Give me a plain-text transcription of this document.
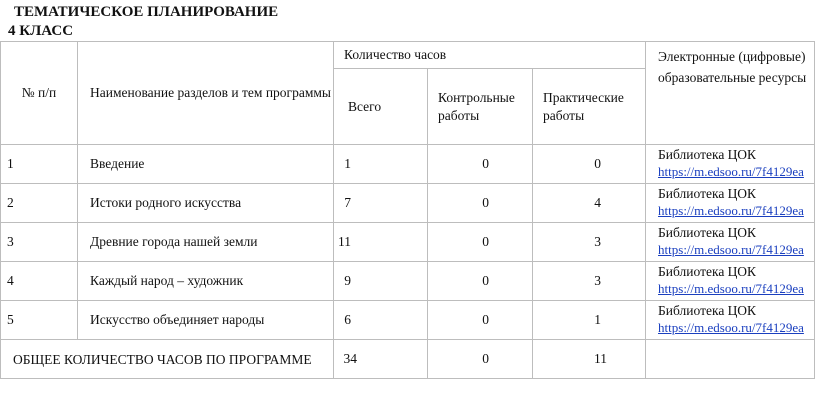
ТЕМАТИЧЕСКОЕ ПЛАНИРОВАНИЕ
4 КЛАСС
№ п/п	Наименование разделов и тем программы	Количество часов			Электронные (цифровые) образовательные ресурсы
		Всего	Контрольные работы	Практические работы	
1	Введение	1	0	0	Библиотека ЦОК
https://m.edsoo.ru/7f4129ea

2	Истоки родного искусства	7	0	4	Библиотека ЦОК
https://m.edsoo.ru/7f4129ea

3	Древние города нашей земли	11	0	3	Библиотека ЦОК
https://m.edsoo.ru/7f4129ea

4	Каждый народ – художник	9	0	3	Библиотека ЦОК
https://m.edsoo.ru/7f4129ea

5	Искусство объединяет народы	6	0	1	Библиотека ЦОК
https://m.edsoo.ru/7f4129ea

ОБЩЕЕ КОЛИЧЕСТВО ЧАСОВ ПО ПРОГРАММЕ		34	0	11	
